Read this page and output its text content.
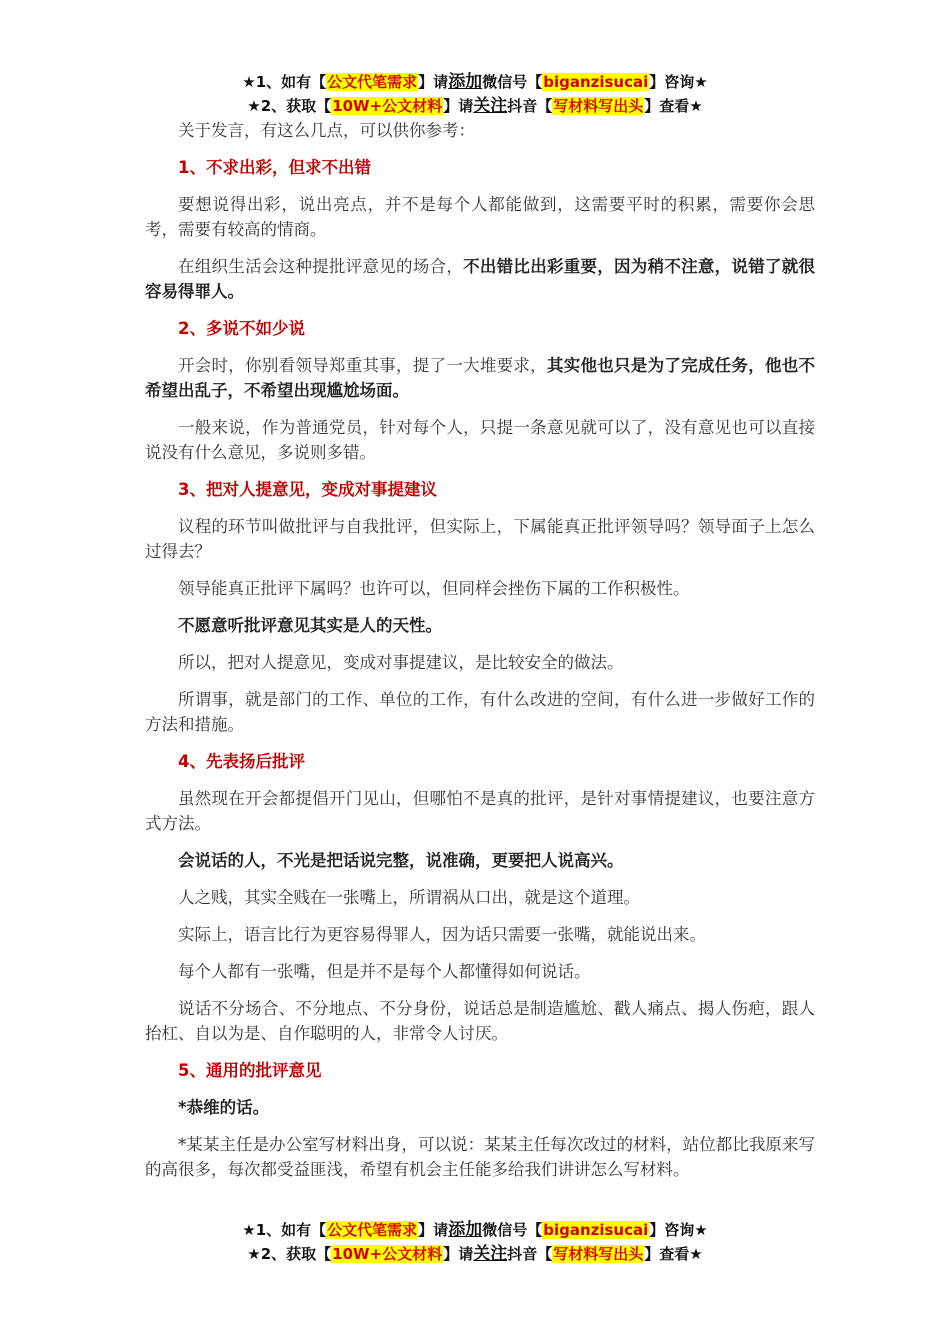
★1、如有【公文代笔需求】请添加微信号【biganzisucai】咨询★
★2、获取【10W+公文材料】请关注抖音【写材料写出头】查看★

关于发言，有这么几点，可以供你参考：

1、不求出彩，但求不出错

要想说得出彩，说出亮点，并不是每个人都能做到，这需要平时的积累，需要你会思考，需要有较高的情商。

在组织生活会这种提批评意见的场合，不出错比出彩重要，因为稍不注意，说错了就很容易得罪人。

2、多说不如少说

开会时，你别看领导郑重其事，提了一大堆要求，其实他也只是为了完成任务，他也不希望出乱子，不希望出现尴尬场面。

一般来说，作为普通党员，针对每个人，只提一条意见就可以了，没有意见也可以直接说没有什么意见，多说则多错。

3、把对人提意见，变成对事提建议

议程的环节叫做批评与自我批评，但实际上，下属能真正批评领导吗？领导面子上怎么过得去？

领导能真正批评下属吗？也许可以，但同样会挫伤下属的工作积极性。

不愿意听批评意见其实是人的天性。

所以，把对人提意见，变成对事提建议，是比较安全的做法。

所谓事，就是部门的工作、单位的工作，有什么改进的空间，有什么进一步做好工作的方法和措施。

4、先表扬后批评

虽然现在开会都提倡开门见山，但哪怕不是真的批评，是针对事情提建议，也要注意方式方法。

会说话的人，不光是把话说完整，说准确，更要把人说高兴。

人之贱，其实全贱在一张嘴上，所谓祸从口出，就是这个道理。

实际上，语言比行为更容易得罪人，因为话只需要一张嘴，就能说出来。

每个人都有一张嘴，但是并不是每个人都懂得如何说话。

说话不分场合、不分地点、不分身份，说话总是制造尴尬、戳人痛点、揭人伤疤，跟人抬杠、自以为是、自作聪明的人，非常令人讨厌。

5、通用的批评意见

*恭维的话。

*某某主任是办公室写材料出身，可以说：某某主任每次改过的材料，站位都比我原来写的高很多，每次都受益匪浅，希望有机会主任能多给我们讲讲怎么写材料。

★1、如有【公文代笔需求】请添加微信号【biganzisucai】咨询★
★2、获取【10W+公文材料】请关注抖音【写材料写出头】查看★
